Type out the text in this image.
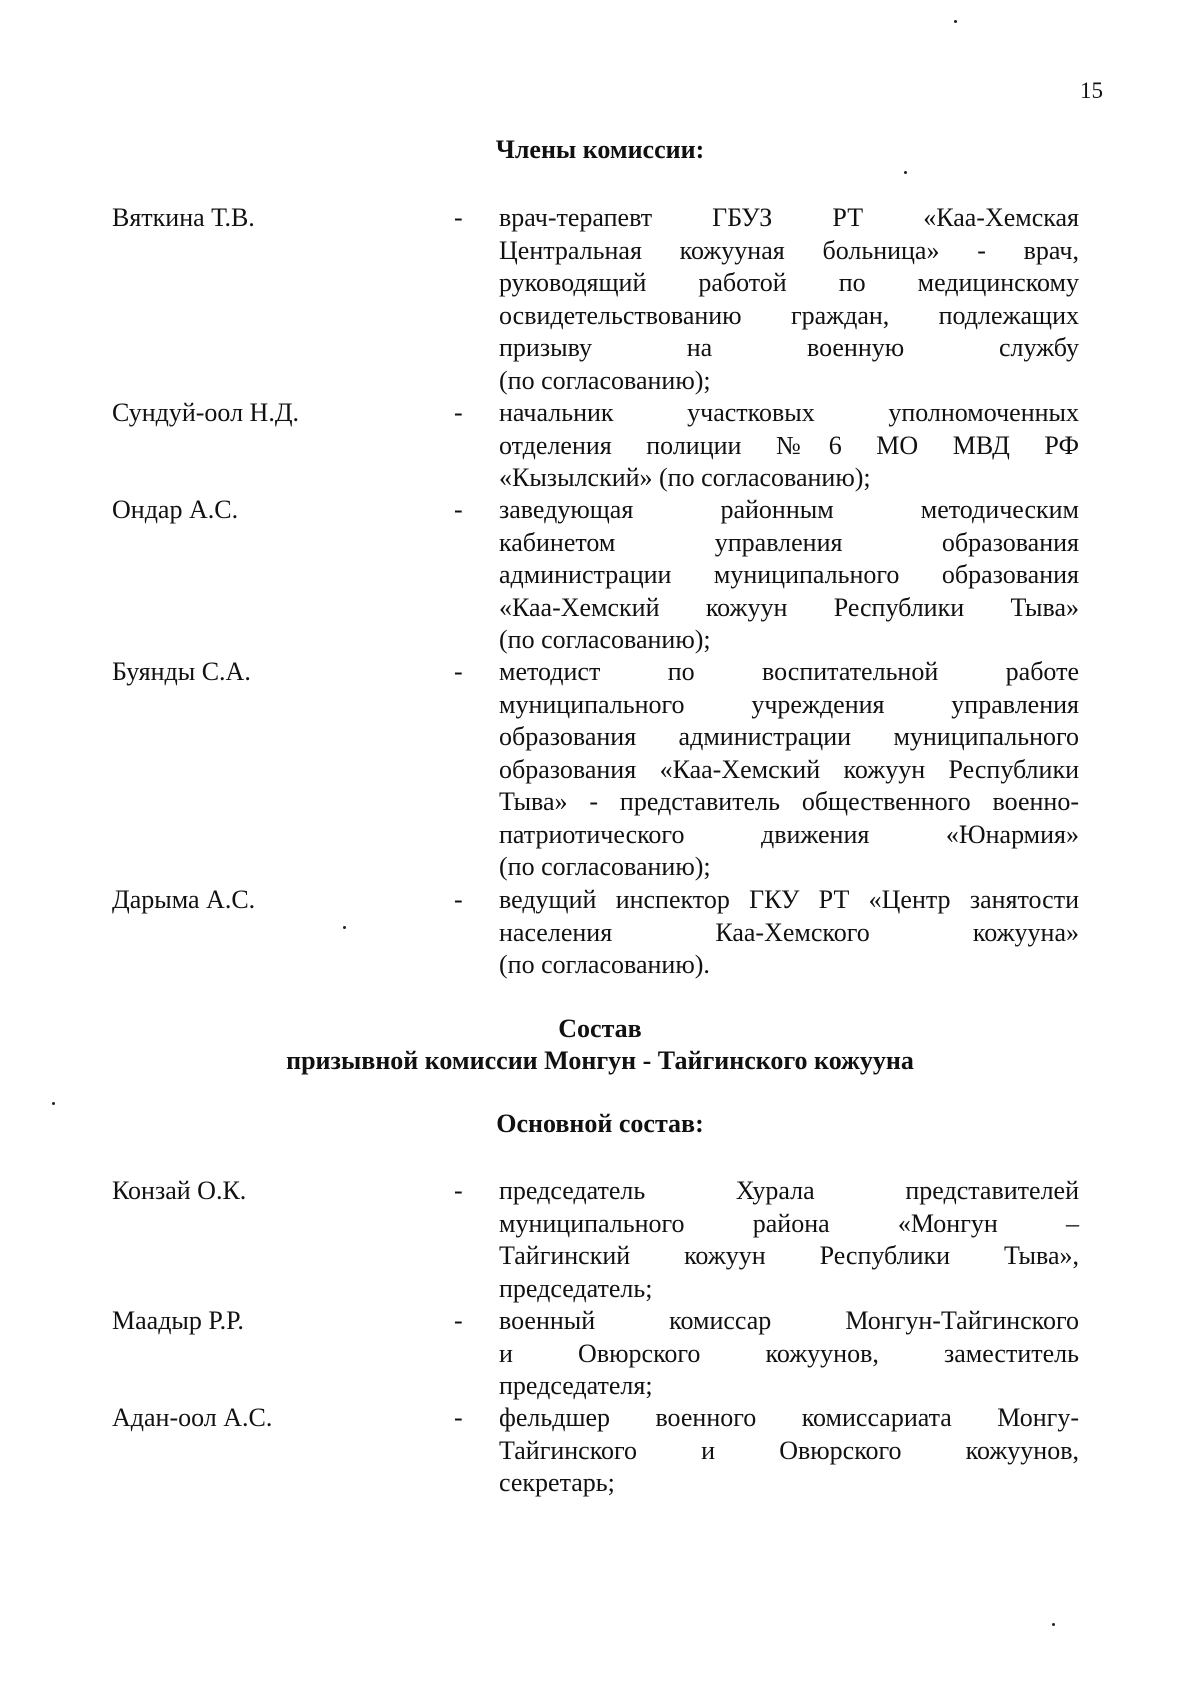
15
Члены комиссии:
Вяткина Т.В.	- врач-терапевт ГБУЗ РТ «Каа-Хемская
Центральная кожууная больница» - врач,
руководящий работой по медицинскому
освидетельствованию граждан, подлежащих
призыву на военную службу
(по согласованию);
Сундуй-оол Н.Д.	- начальник участковых уполномоченных
отделения полиции №6 МО МВД РФ
«Кызылский» (по согласованию);
Ондар А.С.	- заведующая районным методическим
кабинетом управления образования
администрации муниципального образования
«Каа-Хемский кожуун Республики Тыва»
(по согласованию);
Буянды С.А.	- методист по воспитательной работе
муниципального учреждения управления
образования администрации муниципального
образования «Каа-Хемский кожуун Республики
Тыва» - представитель общественного военно-
патриотического движения «Юнармия»
(по согласованию);
Дарыма А.С.	- ведущий инспектор ГКУ РТ «Центр занятости
населения Каа-Хемского кожууна»
(по согласованию).
Состав
призывной комиссии Монгун - Тайгинского кожууна
Основной состав:
Конзай О.К.	- председатель Хурала представителей
муниципального района «Монгун –
Тайгинский кожуун Республики Тыва»,
председатель;
Маадыр Р.Р.	- военный комиссар Монгун-Тайгинского
и Овюрского кожуунов, заместитель
председателя;
Адан-оол А.С.	- фельдшер военного комиссариата Монгу-
Тайгинского и Овюрского кожуунов,
секретарь;
